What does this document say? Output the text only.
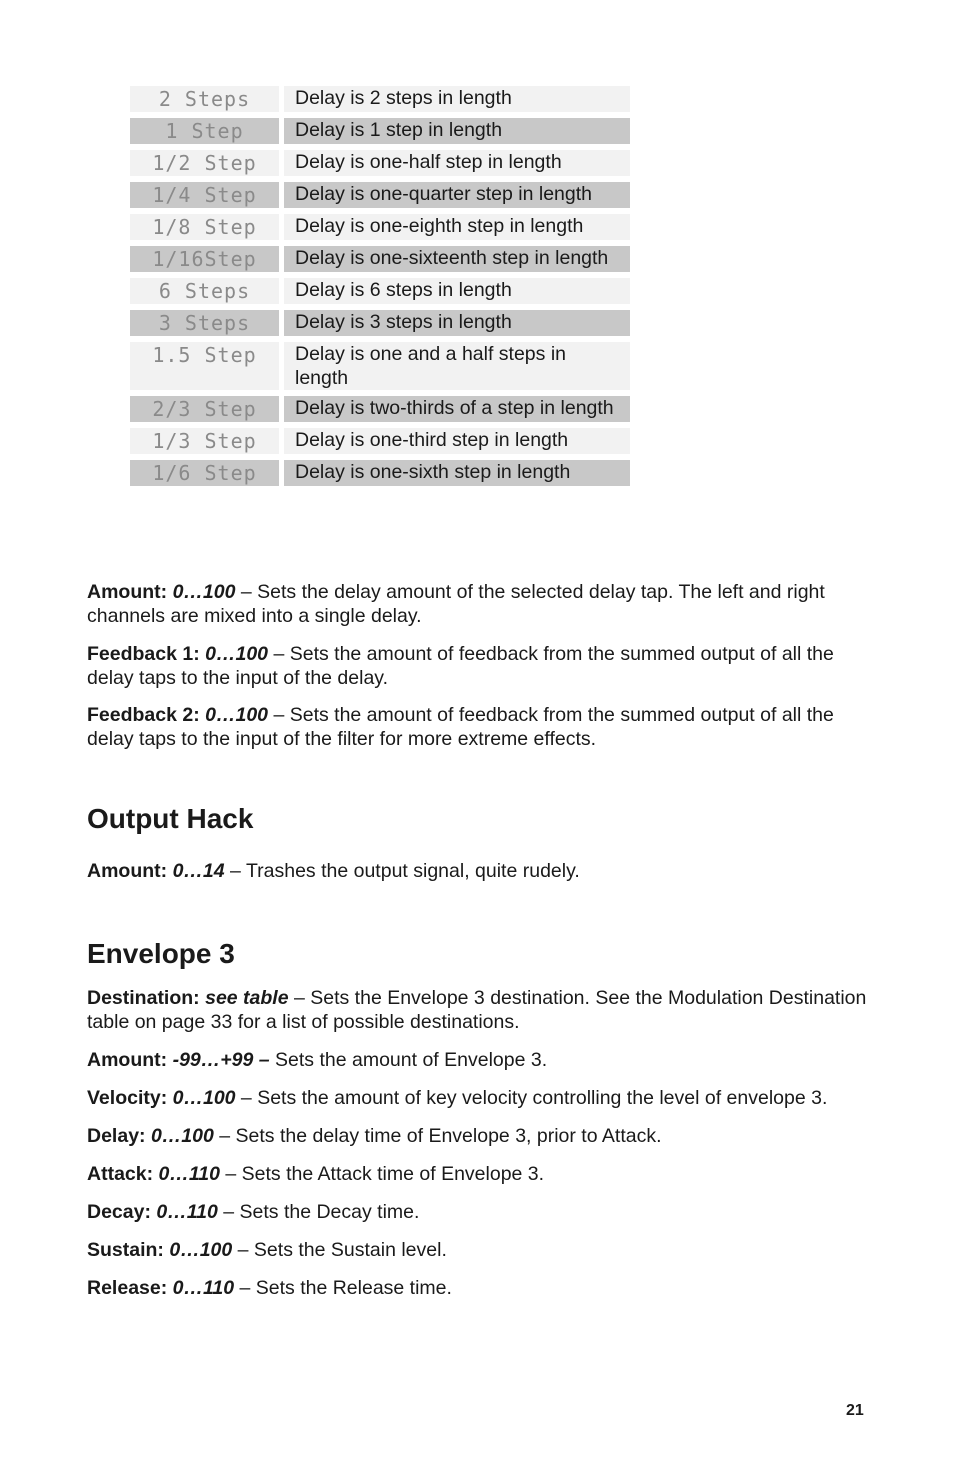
2 Steps	Delay is 2 steps in length
1 Step	Delay is 1 step in length
1/2 Step	Delay is one-half step in length
1/4 Step	Delay is one-quarter step in length
1/8 Step	Delay is one-eighth step in length
1/16Step	Delay is one-sixteenth step in length
6 Steps	Delay is 6 steps in length
3 Steps	Delay is 3 steps in length
1.5 Step	Delay is one and a half steps in length
2/3 Step	Delay is two-thirds of a step in length
1/3 Step	Delay is one-third step in length
1/6 Step	Delay is one-sixth step in length

Amount: 0…100 – Sets the delay amount of the selected delay tap. The left and right channels are mixed into a single delay.

Feedback 1: 0…100 – Sets the amount of feedback from the summed output of all the delay taps to the input of the delay.

Feedback 2: 0…100 – Sets the amount of feedback from the summed output of all the delay taps to the input of the filter for more extreme effects.

Output Hack

Amount: 0…14 – Trashes the output signal, quite rudely.

Envelope 3

Destination: see table – Sets the Envelope 3 destination. See the Modulation Destination table on page 33 for a list of possible destinations.

Amount: -99…+99 – Sets the amount of Envelope 3.

Velocity: 0…100 – Sets the amount of key velocity controlling the level of envelope 3.

Delay: 0…100 – Sets the delay time of Envelope 3, prior to Attack.

Attack: 0…110 – Sets the Attack time of Envelope 3.

Decay: 0…110 – Sets the Decay time.

Sustain: 0…100 – Sets the Sustain level.

Release: 0…110 – Sets the Release time.

21
